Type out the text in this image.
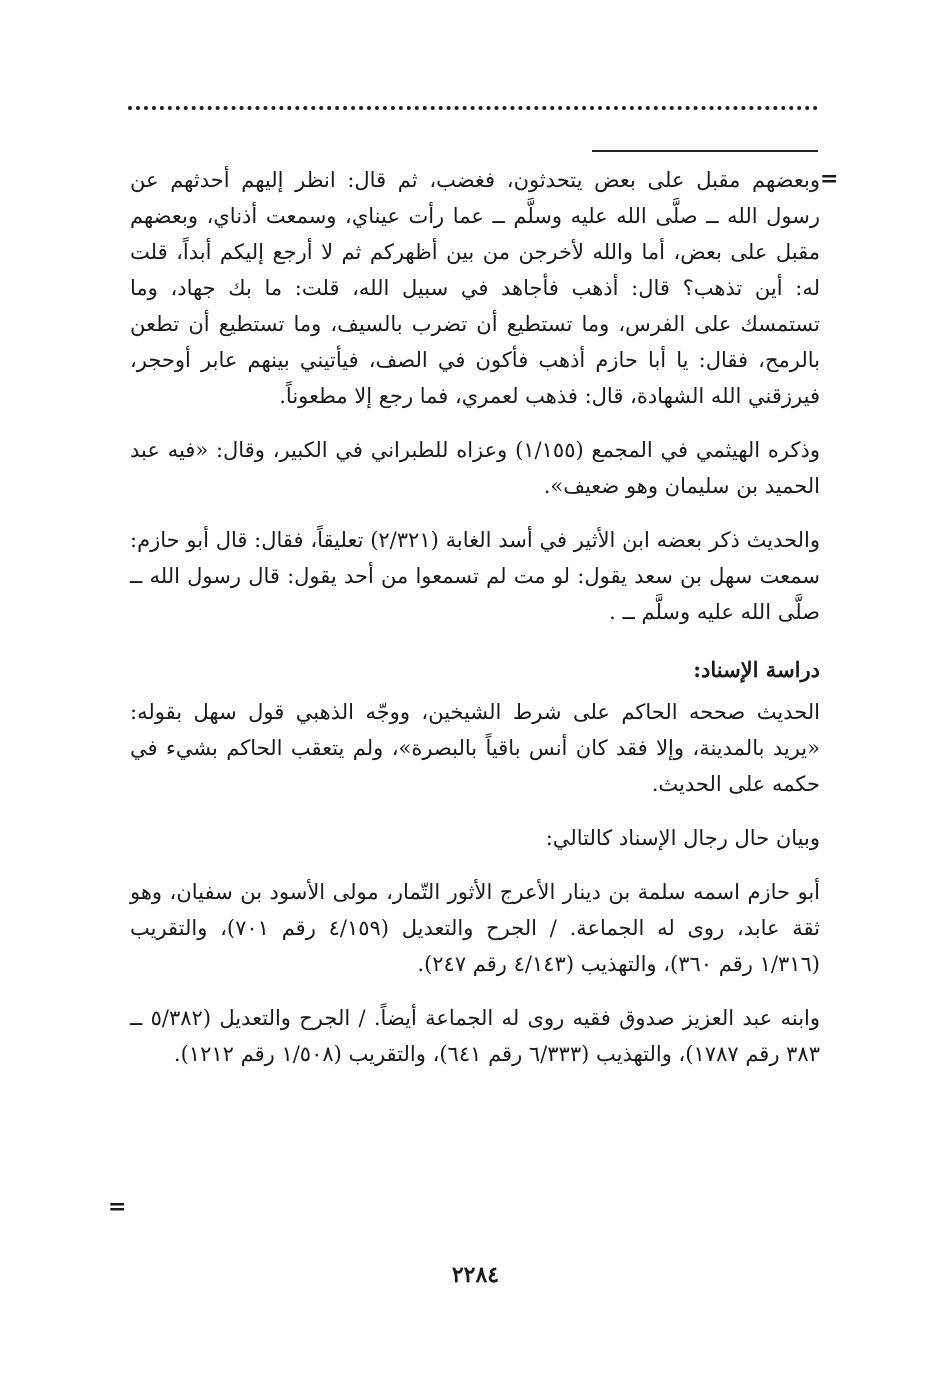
=

وبعضهم مقبل على بعض يتحدثون، فغضب، ثم قال: انظر إليهم أحدثهم عن رسول الله ــ صلَّى الله عليه وسلَّم ــ عما رأت عيناي، وسمعت أذناي، وبعضهم مقبل على بعض، أما والله لأخرجن من بين أظهركم ثم لا أرجع إليكم أبداً، قلت له: أين تذهب؟ قال: أذهب فأجاهد في سبيل الله، قلت: ما بك جهاد، وما تستمسك على الفرس، وما تستطيع أن تضرب بالسيف، وما تستطيع أن تطعن بالرمح، فقال: يا أبا حازم أذهب فأكون في الصف، فيأتيني بينهم عابر أوحجر، فيرزقني الله الشهادة، قال: فذهب لعمري، فما رجع إلا مطعوناً.

وذكره الهيثمي في المجمع (١/١٥٥) وعزاه للطبراني في الكبير، وقال: «فيه عبد الحميد بن سليمان وهو ضعيف».

والحديث ذكر بعضه ابن الأثير في أسد الغابة (٢/٣٢١) تعليقاً، فقال: قال أبو حازم: سمعت سهل بن سعد يقول: لو مت لم تسمعوا من أحد يقول: قال رسول الله ــ صلَّى الله عليه وسلَّم ــ .

دراسة الإسناد:

الحديث صححه الحاكم على شرط الشيخين، ووجّه الذهبي قول سهل بقوله: «يريد بالمدينة، وإلا فقد كان أنس باقياً بالبصرة»، ولم يتعقب الحاكم بشيء في حكمه على الحديث.

وبيان حال رجال الإسناد كالتالي:

أبو حازم اسمه سلمة بن دينار الأعرج الأثور التّمار، مولى الأسود بن سفيان، وهو ثقة عابد، روى له الجماعة. / الجرح والتعديل (٤/١٥٩ رقم ٧٠١)، والتقريب (١/٣١٦ رقم ٣٦٠)، والتهذيب (٤/١٤٣ رقم ٢٤٧).

وابنه عبد العزيز صدوق فقيه روى له الجماعة أيضاً. / الجرح والتعديل (٥/٣٨٢ ــ ٣٨٣ رقم ١٧٨٧)، والتهذيب (٦/٣٣٣ رقم ٦٤١)، والتقريب (١/٥٠٨ رقم ١٢١٢).

=
٢٢٨٤
